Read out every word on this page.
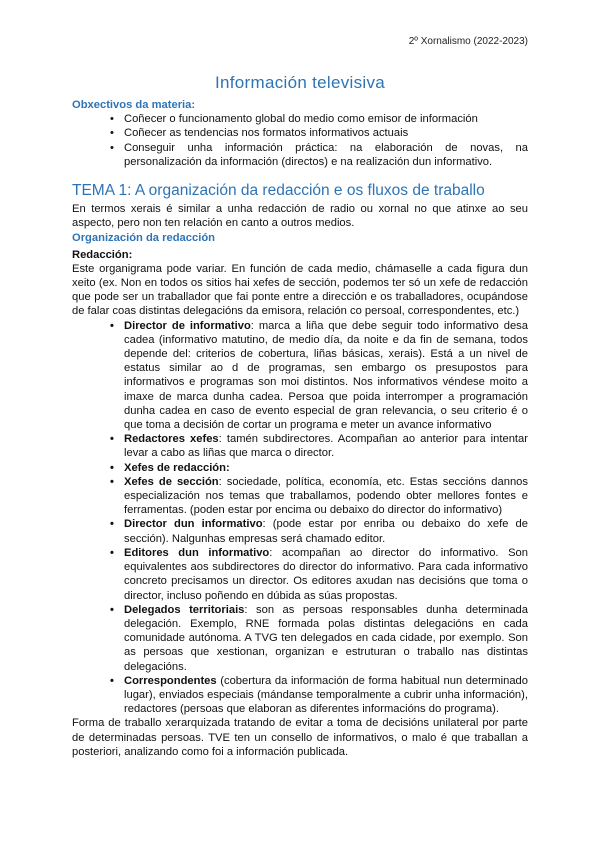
2º Xornalismo (2022-2023)
Información televisiva
Obxectivos da materia:
• Coñecer o funcionamento global do medio como emisor de información
• Coñecer as tendencias nos formatos informativos actuais
• Conseguir unha información práctica: na elaboración de novas, na personalización da información (directos) e na realización dun informativo.
TEMA 1: A organización da redacción e os fluxos de traballo

En termos xerais é similar a unha redacción de radio ou xornal no que atinxe ao seu aspecto, pero non ten relación en canto a outros medios.

Organización da redacción
Redacción:

Este organigrama pode variar. En función de cada medio, chámaselle a cada figura dun xeito (ex. Non en todos os sitios hai xefes de sección, podemos ter só un xefe de redacción que pode ser un traballador que fai ponte entre a dirección e os traballadores, ocupándose de falar coas distintas delegacións da emisora, relación co persoal, correspondentes, etc.)

• Director de informativo: marca a liña que debe seguir todo informativo desa cadea (informativo matutino, de medio día, da noite e da fin de semana, todos depende del: criterios de cobertura, liñas básicas, xerais). Está a un nivel de estatus similar ao d de programas, sen embargo os presupostos para informativos e programas son moi distintos. Nos informativos véndese moito a imaxe de marca dunha cadea. Persoa que poida interromper a programación dunha cadea en caso de evento especial de gran relevancia, o seu criterio é o que toma a decisión de cortar un programa e meter un avance informativo
• Redactores xefes: tamén subdirectores. Acompañan ao anterior para intentar levar a cabo as liñas que marca o director.
• Xefes de redacción:
• Xefes de sección: sociedade, política, economía, etc. Estas seccións dannos especialización nos temas que traballamos, podendo obter mellores fontes e ferramentas. (poden estar por encima ou debaixo do director do informativo)
• Director dun informativo: (pode estar por enriba ou debaixo do xefe de sección). Nalgunhas empresas será chamado editor.
• Editores dun informativo: acompañan ao director do informativo. Son equivalentes aos subdirectores do director do informativo. Para cada informativo concreto precisamos un director. Os editores axudan nas decisións que toma o director, incluso poñendo en dúbida as súas propostas.
• Delegados territoriais: son as persoas responsables dunha determinada delegación. Exemplo, RNE formada polas distintas delegacións en cada comunidade autónoma. A TVG ten delegados en cada cidade, por exemplo. Son as persoas que xestionan, organizan e estruturan o traballo nas distintas delegacións.
• Correspondentes (cobertura da información de forma habitual nun determinado lugar), enviados especiais (mándanse temporalmente a cubrir unha información), redactores (persoas que elaboran as diferentes informacións do programa).

Forma de traballo xerarquizada tratando de evitar a toma de decisións unilateral por parte de determinadas persoas. TVE ten un consello de informativos, o malo é que traballan a posteriori, analizando como foi a información publicada.
